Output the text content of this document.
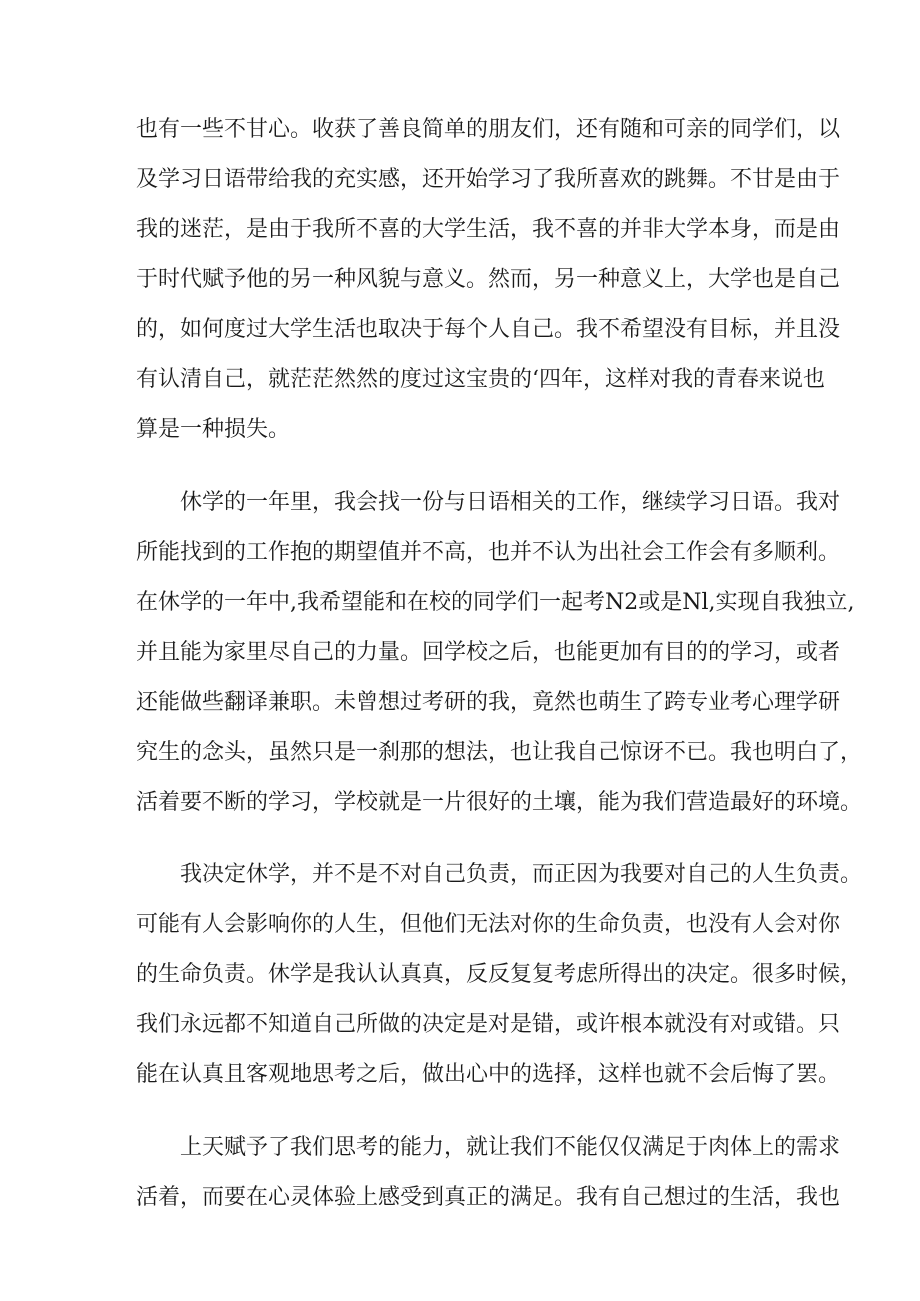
也有一些不甘心。收获了善良简单的朋友们，还有随和可亲的同学们，以
及学习日语带给我的充实感，还开始学习了我所喜欢的跳舞。不甘是由于
我的迷茫，是由于我所不喜的大学生活，我不喜的并非大学本身，而是由
于时代赋予他的另一种风貌与意义。然而，另一种意义上，大学也是自己
的，如何度过大学生活也取决于每个人自己。我不希望没有目标，并且没
有认清自己，就茫茫然然的度过这宝贵的‘四年，这样对我的青春来说也
算是一种损失。
休学的一年里，我会找一份与日语相关的工作，继续学习日语。我对
所能找到的工作抱的期望值并不高，也并不认为出社会工作会有多顺利。
在休学的一年中,我希望能和在校的同学们一起考N2或是Nl,实现自我独立,
并且能为家里尽自己的力量。回学校之后，也能更加有目的的学习，或者
还能做些翻译兼职。未曾想过考研的我，竟然也萌生了跨专业考心理学研
究生的念头，虽然只是一刹那的想法，也让我自己惊讶不已。我也明白了，
活着要不断的学习，学校就是一片很好的土壤，能为我们营造最好的环境。
我决定休学，并不是不对自己负责，而正因为我要对自己的人生负责。
可能有人会影响你的人生，但他们无法对你的生命负责，也没有人会对你
的生命负责。休学是我认认真真，反反复复考虑所得出的决定。很多时候，
我们永远都不知道自己所做的决定是对是错，或许根本就没有对或错。只
能在认真且客观地思考之后，做出心中的选择，这样也就不会后悔了罢。
上天赋予了我们思考的能力，就让我们不能仅仅满足于肉体上的需求
活着，而要在心灵体验上感受到真正的满足。我有自己想过的生活，我也
